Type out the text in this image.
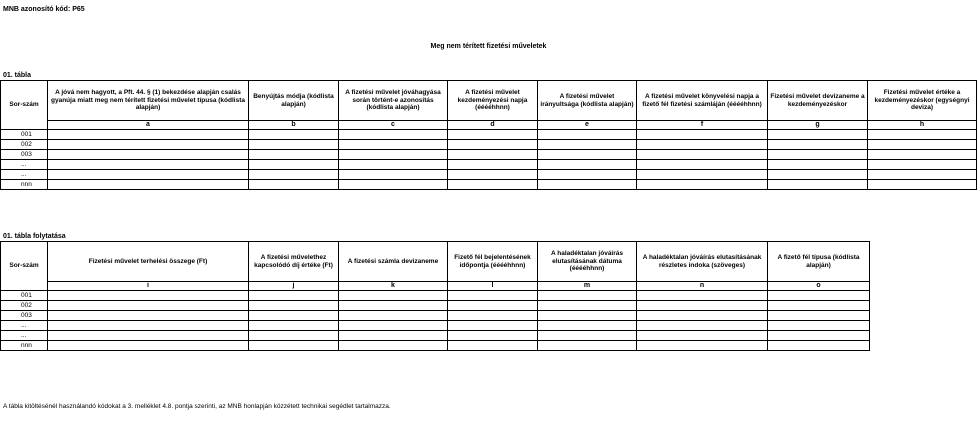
MNB azonosító kód: P65
Meg nem térített fizetési műveletek
01. tábla
Sor-szám	A jóvá nem hagyott, a Pft. 44. § (1) bekezdése alapján csalás gyanúja miatt meg nem térített fizetési művelet típusa (kódlista alapján)	Benyújtás módja (kódlista alapján)	A fizetési művelet jóváhagyása során történt-e azonosítás (kódlista alapján)	A fizetési művelet kezdeményezési napja (ééééhhnn)	A fizetési művelet irányultsága (kódlista alapján)	A fizetési művelet könyvelési napja a fizető fél fizetési számláján (ééééhhnn)	Fizetési művelet devizaneme a kezdeményezéskor	Fizetési művelet értéke a kezdeményezéskor (egységnyi deviza)
	a	b	c	d	e	f	g	h
001								
002								
003								
...								
...								
nnn								
01. tábla folytatása
Sor-szám	Fizetési művelet terhelési összege (Ft)	A fizetési művelethez kapcsolódó díj értéke (Ft)	A fizetési számla devizaneme	Fizető fél bejelentésének időpontja (ééééhhnn)	A haladéktalan jóváírás elutasításának dátuma (ééééhhnn)	A haladéktalan jóváírás elutasításának részletes indoka (szöveges)	A fizető fél típusa (kódlista alapján)
	i	j	k	l	m	n	o
001							
002							
003							
...							
...							
nnn							
A tábla kitöltésénél használandó kódokat a 3. melléklet 4.8. pontja szerinti, az MNB honlapján közzétett technikai segédlet tartalmazza.
